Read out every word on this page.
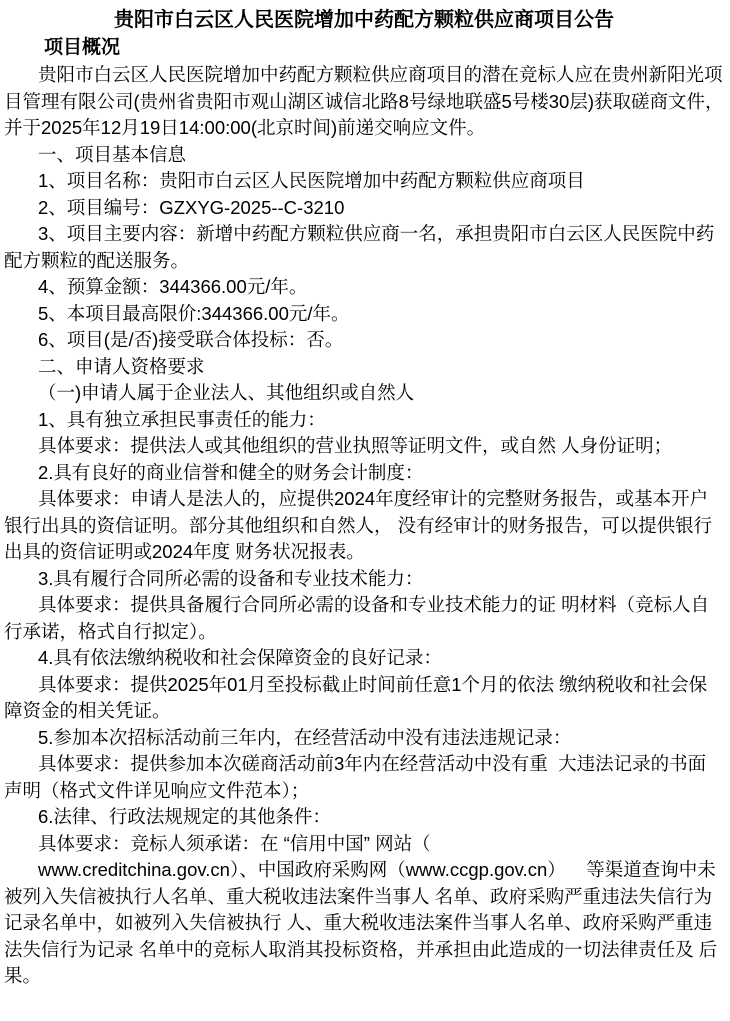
贵阳市白云区人民医院增加中药配方颗粒供应商项目公告
项目概况

贵阳市白云区人民医院增加中药配方颗粒供应商项目的潜在竞标人应在贵州新阳光项目管理有限公司(贵州省贵阳市观山湖区诚信北路8号绿地联盛5号楼30层)获取磋商文件，并于2025年12月19日14:00:00(北京时间)前递交响应文件。

一、项目基本信息

1、项目名称：贵阳市白云区人民医院增加中药配方颗粒供应商项目

2、项目编号：GZXYG-2025--C-3210

3、项目主要内容：新增中药配方颗粒供应商一名，承担贵阳市白云区人民医院中药配方颗粒的配送服务。

4、预算金额：344366.00元/年。

5、本项目最高限价:344366.00元/年。

6、项目(是/否)接受联合体投标：否。

二、申请人资格要求

（一)申请人属于企业法人、其他组织或自然人

1、具有独立承担民事责任的能力：

具体要求：提供法人或其他组织的营业执照等证明文件，或自然 人身份证明；

2.具有良好的商业信誉和健全的财务会计制度：

具体要求：申请人是法人的，应提供2024年度经审计的完整财务报告，或基本开户银行出具的资信证明。部分其他组织和自然人， 没有经审计的财务报告，可以提供银行出具的资信证明或2024年度 财务状况报表。

3.具有履行合同所必需的设备和专业技术能力：

具体要求：提供具备履行合同所必需的设备和专业技术能力的证 明材料（竞标人自行承诺，格式自行拟定）。

4.具有依法缴纳税收和社会保障资金的良好记录：

具体要求：提供2025年01月至投标截止时间前任意1个月的依法 缴纳税收和社会保障资金的相关凭证。

5.参加本次招标活动前三年内，在经营活动中没有违法违规记录：

具体要求：提供参加本次磋商活动前3年内在经营活动中没有重  大违法记录的书面声明（格式文件详见响应文件范本）；

6.法律、行政法规规定的其他条件：

具体要求：竞标人须承诺：在 “信用中国” 网站（

www.creditchina.gov.cn）、中国政府采购网（www.ccgp.gov.cn）    等渠道查询中未被列入失信被执行人名单、重大税收违法案件当事人 名单、政府采购严重违法失信行为记录名单中，如被列入失信被执行 人、重大税收违法案件当事人名单、政府采购严重违法失信行为记录 名单中的竞标人取消其投标资格，并承担由此造成的一切法律责任及 后果。
